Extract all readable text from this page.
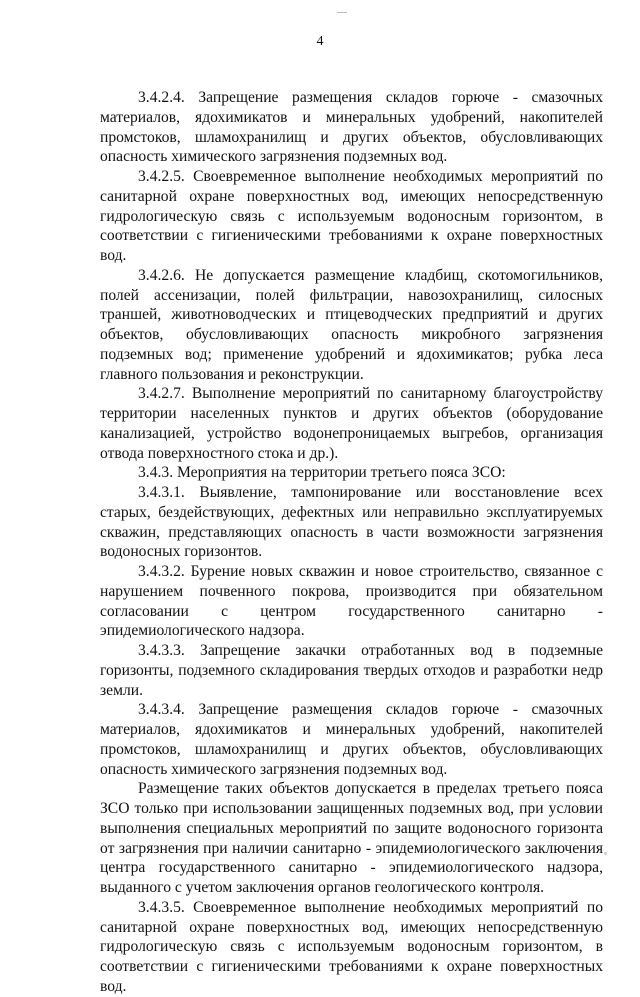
4

3.4.2.4. Запрещение размещения складов горюче - смазочных материалов, ядохимикатов и минеральных удобрений, накопителей промстоков, шламохранилищ и других объектов, обусловливающих опасность химического загрязнения подземных вод.

3.4.2.5. Своевременное выполнение необходимых мероприятий по санитарной охране поверхностных вод, имеющих непосредственную гидрологическую связь с используемым водоносным горизонтом, в соответствии с гигиеническими требованиями к охране поверхностных вод.

3.4.2.6. Не допускается размещение кладбищ, скотомогильников, полей ассенизации, полей фильтрации, навозохранилищ, силосных траншей, животноводческих и птицеводческих предприятий и других объектов, обусловливающих опасность микробного загрязнения подземных вод; применение удобрений и ядохимикатов; рубка леса главного пользования и реконструкции.

3.4.2.7. Выполнение мероприятий по санитарному благоустройству территории населенных пунктов и других объектов (оборудование канализацией, устройство водонепроницаемых выгребов, организация отвода поверхностного стока и др.).

3.4.3. Мероприятия на территории третьего пояса ЗСО:

3.4.3.1. Выявление, тампонирование или восстановление всех старых, бездействующих, дефектных или неправильно эксплуатируемых скважин, представляющих опасность в части возможности загрязнения водоносных горизонтов.

3.4.3.2. Бурение новых скважин и новое строительство, связанное с нарушением почвенного покрова, производится при обязательном согласовании с центром государственного санитарно - эпидемиологического надзора.

3.4.3.3. Запрещение закачки отработанных вод в подземные горизонты, подземного складирования твердых отходов и разработки недр земли.

3.4.3.4. Запрещение размещения складов горюче - смазочных материалов, ядохимикатов и минеральных удобрений, накопителей промстоков, шламохранилищ и других объектов, обусловливающих опасность химического загрязнения подземных вод.

Размещение таких объектов допускается в пределах третьего пояса ЗСО только при использовании защищенных подземных вод, при условии выполнения специальных мероприятий по защите водоносного горизонта от загрязнения при наличии санитарно - эпидемиологического заключения центра государственного санитарно - эпидемиологического надзора, выданного с учетом заключения органов геологического контроля.

3.4.3.5. Своевременное выполнение необходимых мероприятий по санитарной охране поверхностных вод, имеющих непосредственную гидрологическую связь с используемым водоносным горизонтом, в соответствии с гигиеническими требованиями к охране поверхностных вод.
